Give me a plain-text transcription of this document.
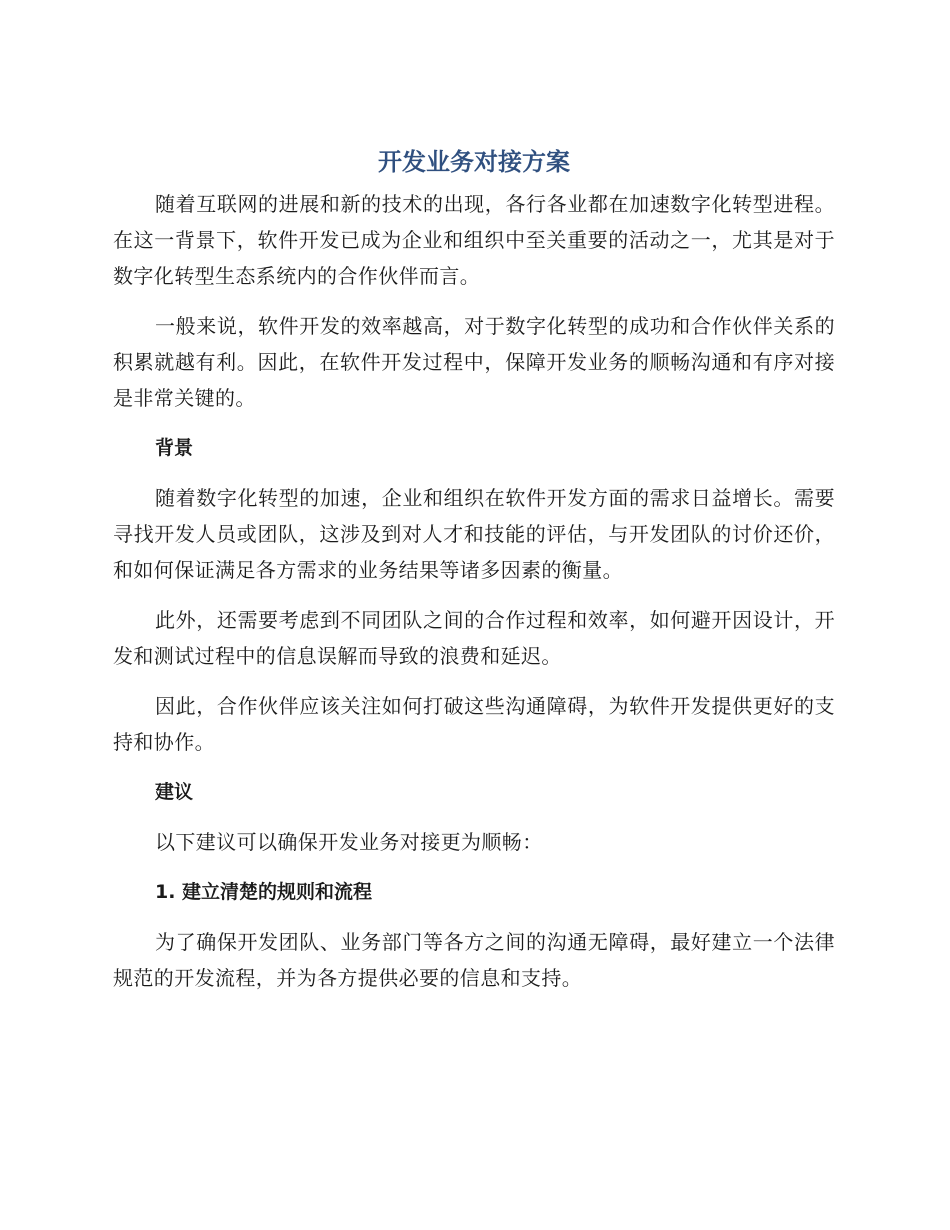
开发业务对接方案

随着互联网的进展和新的技术的出现，各行各业都在加速数字化转型进程。在这一背景下，软件开发已成为企业和组织中至关重要的活动之一，尤其是对于数字化转型生态系统内的合作伙伴而言。

一般来说，软件开发的效率越高，对于数字化转型的成功和合作伙伴关系的积累就越有利。因此，在软件开发过程中，保障开发业务的顺畅沟通和有序对接是非常关键的。

背景

随着数字化转型的加速，企业和组织在软件开发方面的需求日益增长。需要寻找开发人员或团队，这涉及到对人才和技能的评估，与开发团队的讨价还价，和如何保证满足各方需求的业务结果等诸多因素的衡量。

此外，还需要考虑到不同团队之间的合作过程和效率，如何避开因设计，开发和测试过程中的信息误解而导致的浪费和延迟。

因此，合作伙伴应该关注如何打破这些沟通障碍，为软件开发提供更好的支持和协作。

建议

以下建议可以确保开发业务对接更为顺畅：

1. 建立清楚的规则和流程

为了确保开发团队、业务部门等各方之间的沟通无障碍，最好建立一个法律规范的开发流程，并为各方提供必要的信息和支持。
